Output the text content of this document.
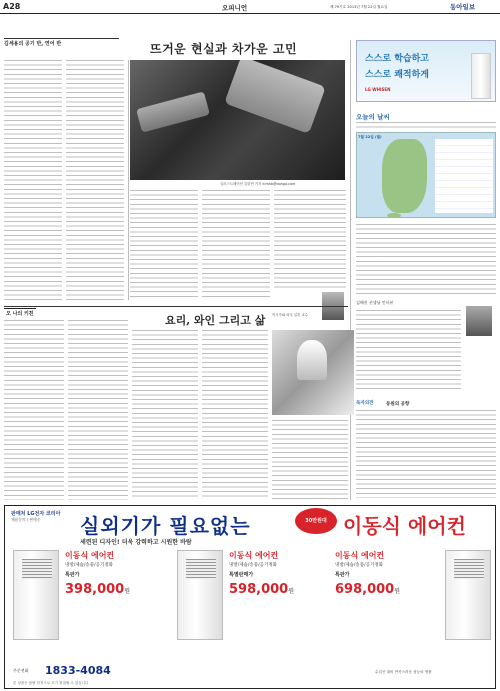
A28	오피니언	제 79기호 2013년 7월 22일 월요일	동아일보
김세용의 공기 반, 연어 반	뜨거운 현실과 차가운 고민
일러스트레이션 김한빈 기자 kimhb@donga.com
이시카와 마우 일본 교수
스스로 학습하고
스스로 쾌적하게
LG WHISEN
오늘의 날씨
7월 22일 (월)
김혜진 선생님 인터뷰
독자의견	동원의 공항
오 나의 키친	요리, 와인 그리고 삶
판매처 LG전자 코리아
제품문의 / 판매중 실외기가 필요없는	30만원대 이동식 에어컨
세련된 디자인! 더욱 강력하고 시원한 바람
이동식 에어컨
냉방/제습/송풍/공기정화
특판가
398,000원
이동식 에어컨
냉방/제습/송풍/공기정화
특별판매가
598,000원
이동식 에어컨
냉방/제습/송풍/공기정화
특판가
698,000원
주문전화 1833-4084	수입산 대비 만족스러운 성능의 명품
본 상품은 물량 한정으로 조기 품절될 수 있습니다
